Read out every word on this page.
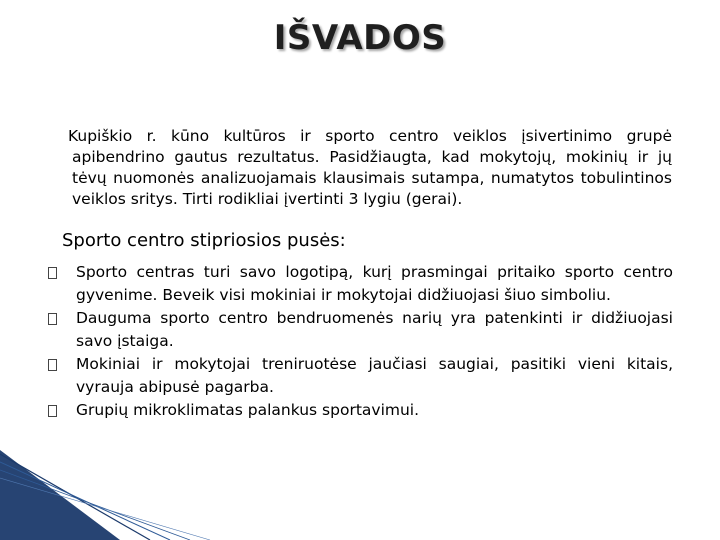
IŠVADOS
Kupiškio r. kūno kultūros ir sporto centro veiklos įsivertinimo grupė apibendrino gautus rezultatus. Pasidžiaugta, kad mokytojų, mokinių ir jų tėvų nuomonės analizuojamais klausimais sutampa, numatytos tobulintinos veiklos sritys. Tirti rodikliai įvertinti 3 lygiu (gerai).
Sporto centro stipriosios pusės:
Sporto centras turi savo logotipą, kurį prasmingai pritaiko sporto centro gyvenime. Beveik visi mokiniai ir mokytojai didžiuojasi šiuo simboliu.
Dauguma sporto centro bendruomenės narių yra patenkinti ir didžiuojasi savo įstaiga.
Mokiniai ir mokytojai treniruotėse jaučiasi saugiai, pasitiki vieni kitais, vyrauja abipusė pagarba.
Grupių mikroklimatas palankus sportavimui.
